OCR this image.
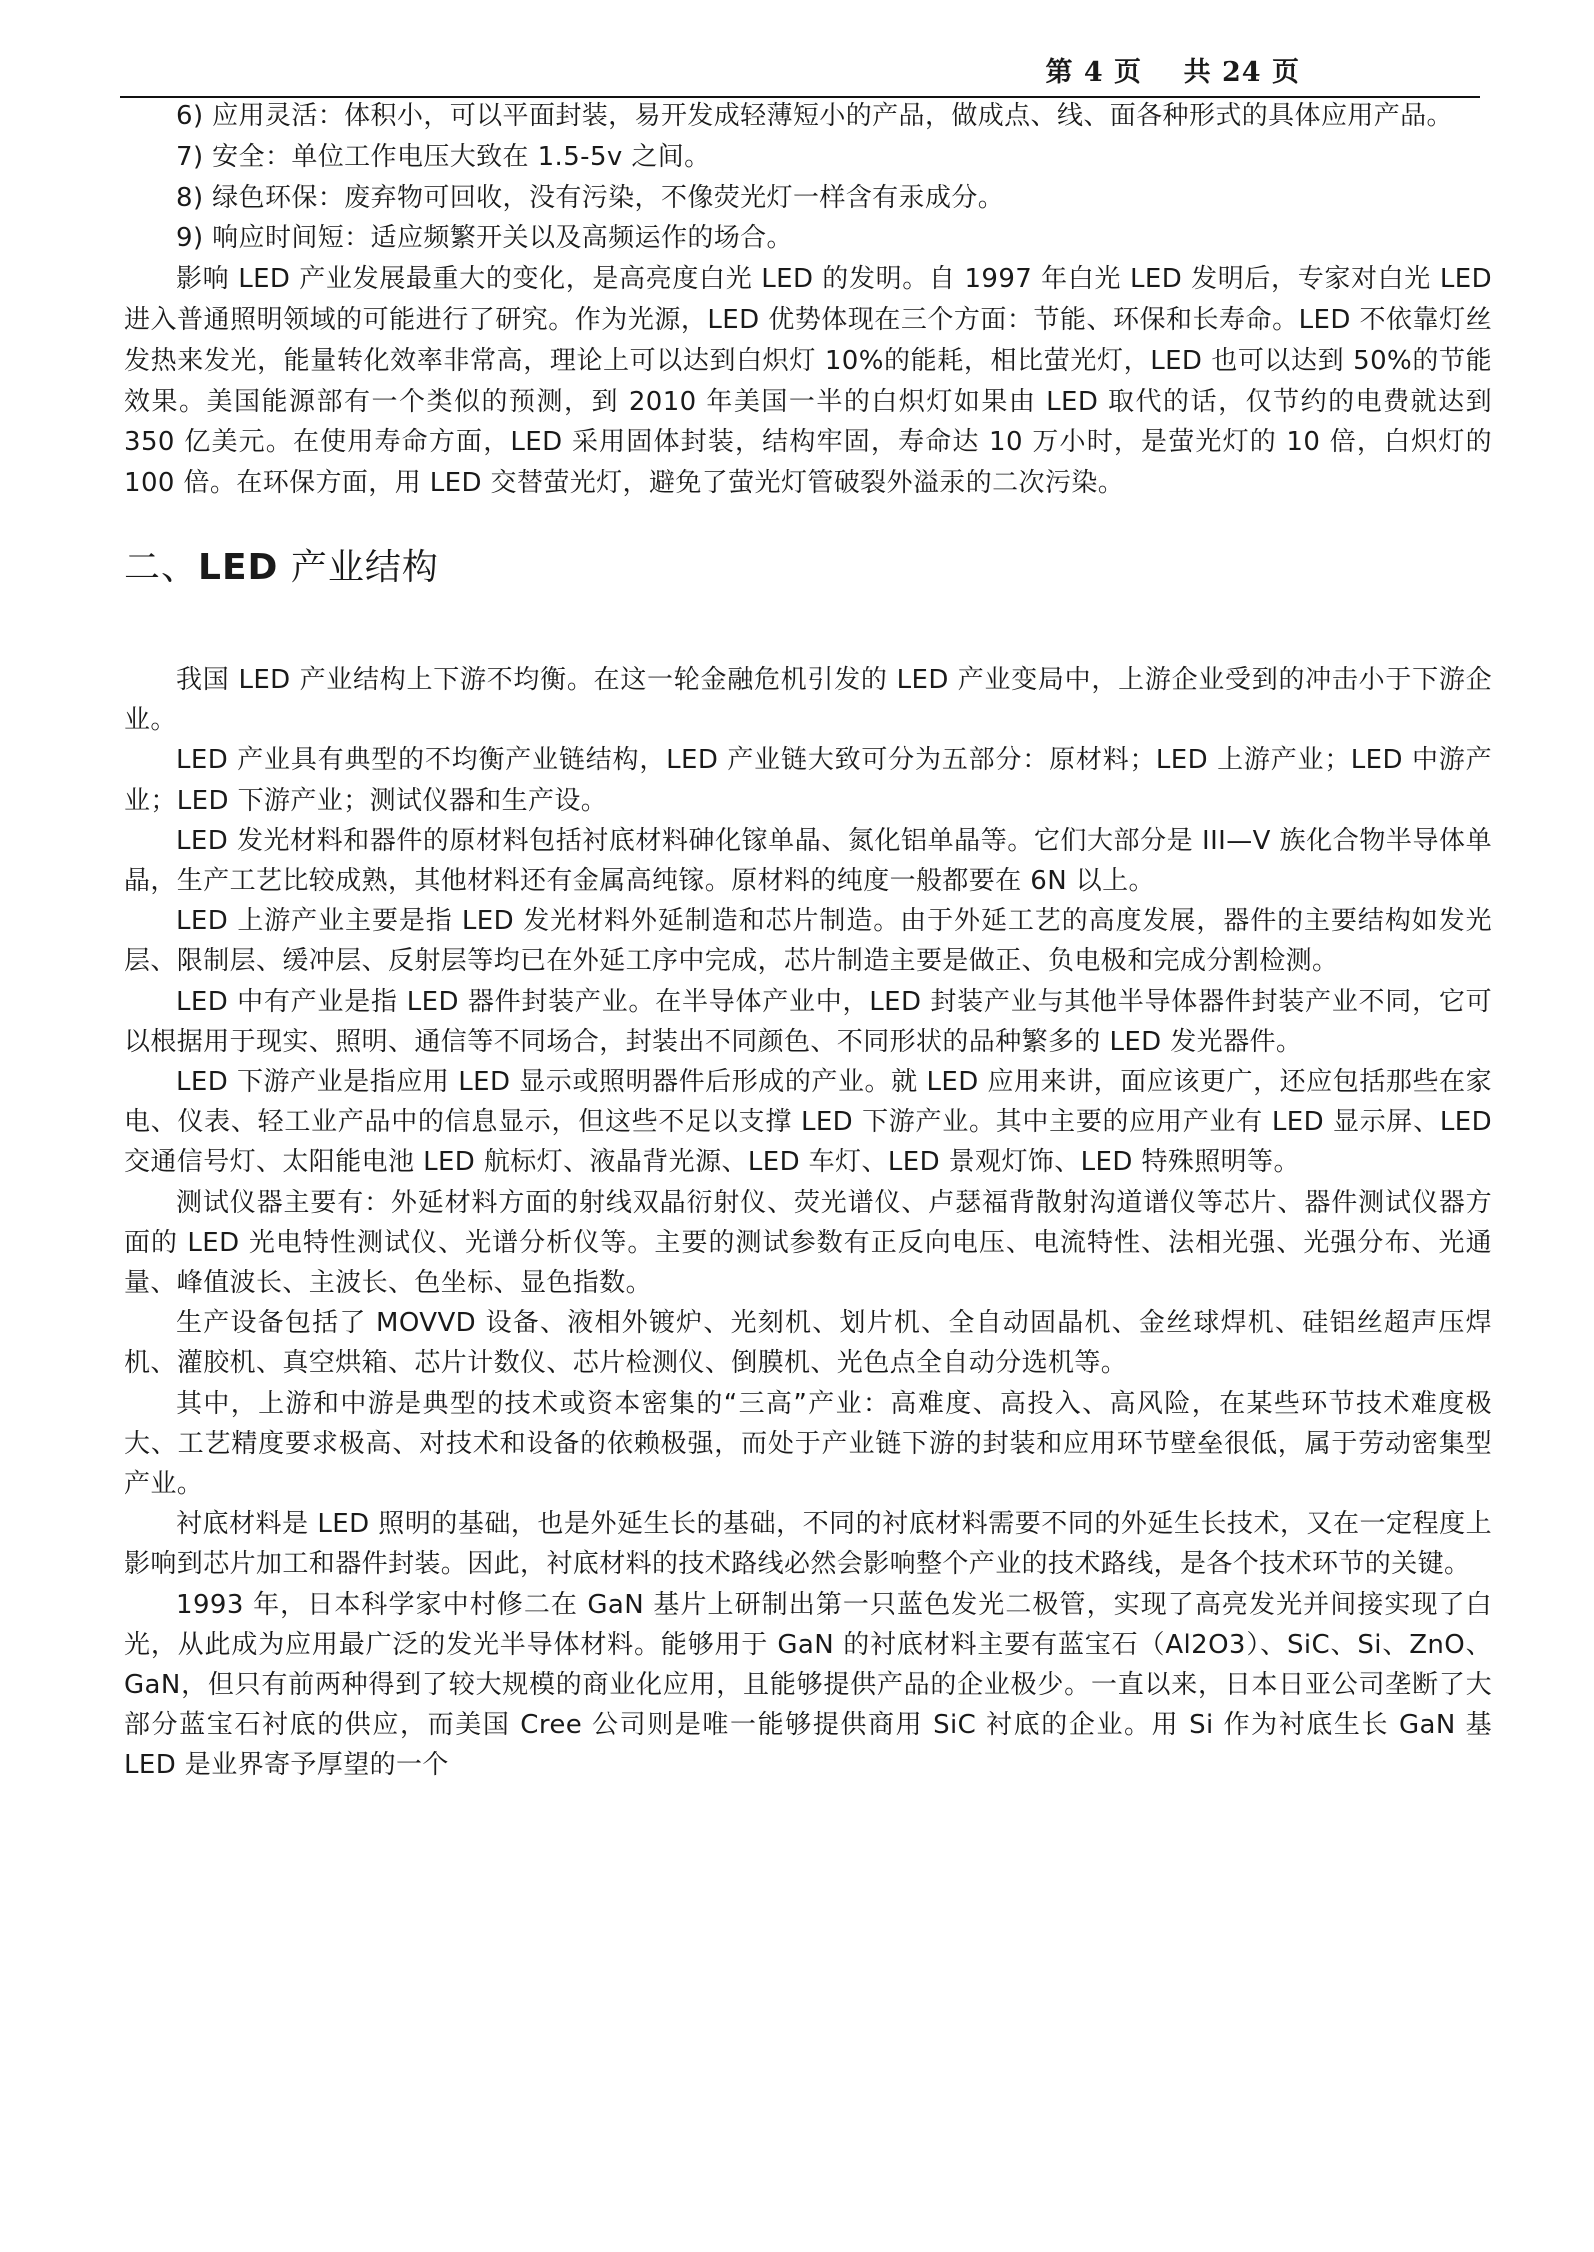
第 4 页    共 24 页

6) 应用灵活：体积小，可以平面封装，易开发成轻薄短小的产品，做成点、线、面各种形式的具体应用产品。

7) 安全：单位工作电压大致在 1.5-5v 之间。

8) 绿色环保：废弃物可回收，没有污染，不像荧光灯一样含有汞成分。

9) 响应时间短：适应频繁开关以及高频运作的场合。

影响 LED 产业发展最重大的变化，是高亮度白光 LED 的发明。自 1997 年白光 LED 发明后，专家对白光 LED 进入普通照明领域的可能进行了研究。作为光源，LED 优势体现在三个方面：节能、环保和长寿命。LED 不依靠灯丝发热来发光，能量转化效率非常高，理论上可以达到白炽灯 10%的能耗，相比萤光灯，LED 也可以达到 50%的节能效果。美国能源部有一个类似的预测，到 2010 年美国一半的白炽灯如果由 LED 取代的话，仅节约的电费就达到 350 亿美元。在使用寿命方面，LED 采用固体封装，结构牢固，寿命达 10 万小时，是萤光灯的 10 倍，白炽灯的 100 倍。在环保方面，用 LED 交替萤光灯，避免了萤光灯管破裂外溢汞的二次污染。

二、LED 产业结构

我国 LED 产业结构上下游不均衡。在这一轮金融危机引发的 LED 产业变局中，上游企业受到的冲击小于下游企业。

LED 产业具有典型的不均衡产业链结构，LED 产业链大致可分为五部分：原材料；LED 上游产业；LED 中游产业；LED 下游产业；测试仪器和生产设。

LED 发光材料和器件的原材料包括衬底材料砷化镓单晶、氮化铝单晶等。它们大部分是 III—V 族化合物半导体单晶，生产工艺比较成熟，其他材料还有金属高纯镓。原材料的纯度一般都要在 6N 以上。

LED 上游产业主要是指 LED 发光材料外延制造和芯片制造。由于外延工艺的高度发展，器件的主要结构如发光层、限制层、缓冲层、反射层等均已在外延工序中完成，芯片制造主要是做正、负电极和完成分割检测。

LED 中有产业是指 LED 器件封装产业。在半导体产业中，LED 封装产业与其他半导体器件封装产业不同，它可以根据用于现实、照明、通信等不同场合，封装出不同颜色、不同形状的品种繁多的 LED 发光器件。

LED 下游产业是指应用 LED 显示或照明器件后形成的产业。就 LED 应用来讲，面应该更广，还应包括那些在家电、仪表、轻工业产品中的信息显示，但这些不足以支撑 LED 下游产业。其中主要的应用产业有 LED 显示屏、LED 交通信号灯、太阳能电池 LED 航标灯、液晶背光源、LED 车灯、LED 景观灯饰、LED 特殊照明等。

测试仪器主要有：外延材料方面的射线双晶衍射仪、荧光谱仪、卢瑟福背散射沟道谱仪等芯片、器件测试仪器方面的 LED 光电特性测试仪、光谱分析仪等。主要的测试参数有正反向电压、电流特性、法相光强、光强分布、光通量、峰值波长、主波长、色坐标、显色指数。

生产设备包括了 MOVVD 设备、液相外镀炉、光刻机、划片机、全自动固晶机、金丝球焊机、硅铝丝超声压焊机、灌胶机、真空烘箱、芯片计数仪、芯片检测仪、倒膜机、光色点全自动分选机等。

其中，上游和中游是典型的技术或资本密集的“三高”产业：高难度、高投入、高风险，在某些环节技术难度极大、工艺精度要求极高、对技术和设备的依赖极强，而处于产业链下游的封装和应用环节壁垒很低，属于劳动密集型产业。

衬底材料是 LED 照明的基础，也是外延生长的基础，不同的衬底材料需要不同的外延生长技术，又在一定程度上影响到芯片加工和器件封装。因此，衬底材料的技术路线必然会影响整个产业的技术路线，是各个技术环节的关键。

1993 年，日本科学家中村修二在 GaN 基片上研制出第一只蓝色发光二极管，实现了高亮发光并间接实现了白光，从此成为应用最广泛的发光半导体材料。能够用于 GaN 的衬底材料主要有蓝宝石（Al2O3）、SiC、Si、ZnO、GaN，但只有前两种得到了较大规模的商业化应用，且能够提供产品的企业极少。一直以来，日本日亚公司垄断了大部分蓝宝石衬底的供应，而美国 Cree 公司则是唯一能够提供商用 SiC 衬底的企业。用 Si 作为衬底生长 GaN 基 LED 是业界寄予厚望的一个
